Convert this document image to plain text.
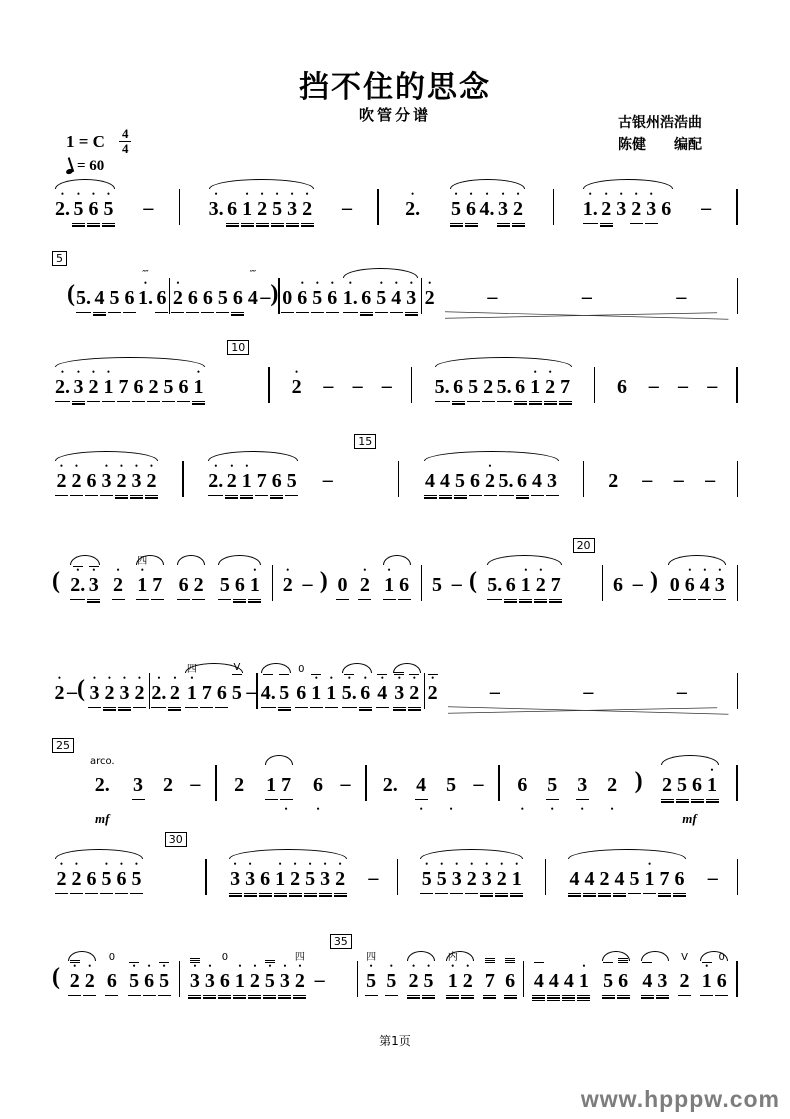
挡不住的思念
吹管分谱	古银州浩浩曲
陈健　　编配
1 = C $\frac{4}{4}$
= 60
•
2.

•
5

•
6

•
5
–
•
3.

6

•
1

•
2

•
5

•
3

•
2
–
•
2.

•
5

•
6

•
4.

•
3

•
2

•
1.

•
2

•
3

•
2

•
3

6
–
5
(
5.

4

5

6

⁗
•
1.

6

•
2

6

6

5

6

⁗

4
– )
0

•
6

•
5

•
6

•
1.

6

•
5

•
4

•
3

•
2
	–	–	–
•
2.

•
3

•
2

•
1

7

6

2

5

6

•
1

10
•
2
– – –
5.

6

5

2

5.

6

•
1

•
2

7

6
– – –
•
2

•
2

6

•
3

•
2

•
3

•
2

•
2.

•
2

•
1

7

6

5
–
15

4

4

5

6

•
2

5.

6

4

3

	2
– – –
( •
2.

•
3

•
2

四
•
1

7

6

2

5

6

•
1

•
2
– )
0

•
2

•
1

6

5
– (
5.

6

•
1

•
2

7

20

6
– )
0

•
6

•
4

•
3

•
2
– ( •
3

•
2

•
3

•
2

•
2.

•
2

四
•
1

7

6

V

5
–
4.

5

0

6

•
1

•
1

•
5.

•
6

•
4

•
3

•
2

•
2
	–	–	–
25
arco.

2.

mf

3

2
–
2

1

7
•

6
•
–
2.

4
•

5
•
–
6
•

5
•

3
•

2
•
)
2

5

6

•
1

mf
•
2

•
2

6

•
5

•
6

•
5

30
•
3

•
3

6

•
1

•
2

•
5

•
3

•
2
–
•
5

•
5

•
3

•
2

•
3

•
2

•
1

4

4

2

4

5

•
1

7

6
–
( •
2

•
2

0

6

•
5

•
6

•
5

•
3

•
3

0

6

•
1

•
2

•
5

•
3

四
•
2
–
35
四
•
5

•
5

•
2

•
5

内
•
1

•
2

7

6

4

4

4

•
1

5

6

4

3

V

2

•
1

0

6

第1页
www.hpppw.com
